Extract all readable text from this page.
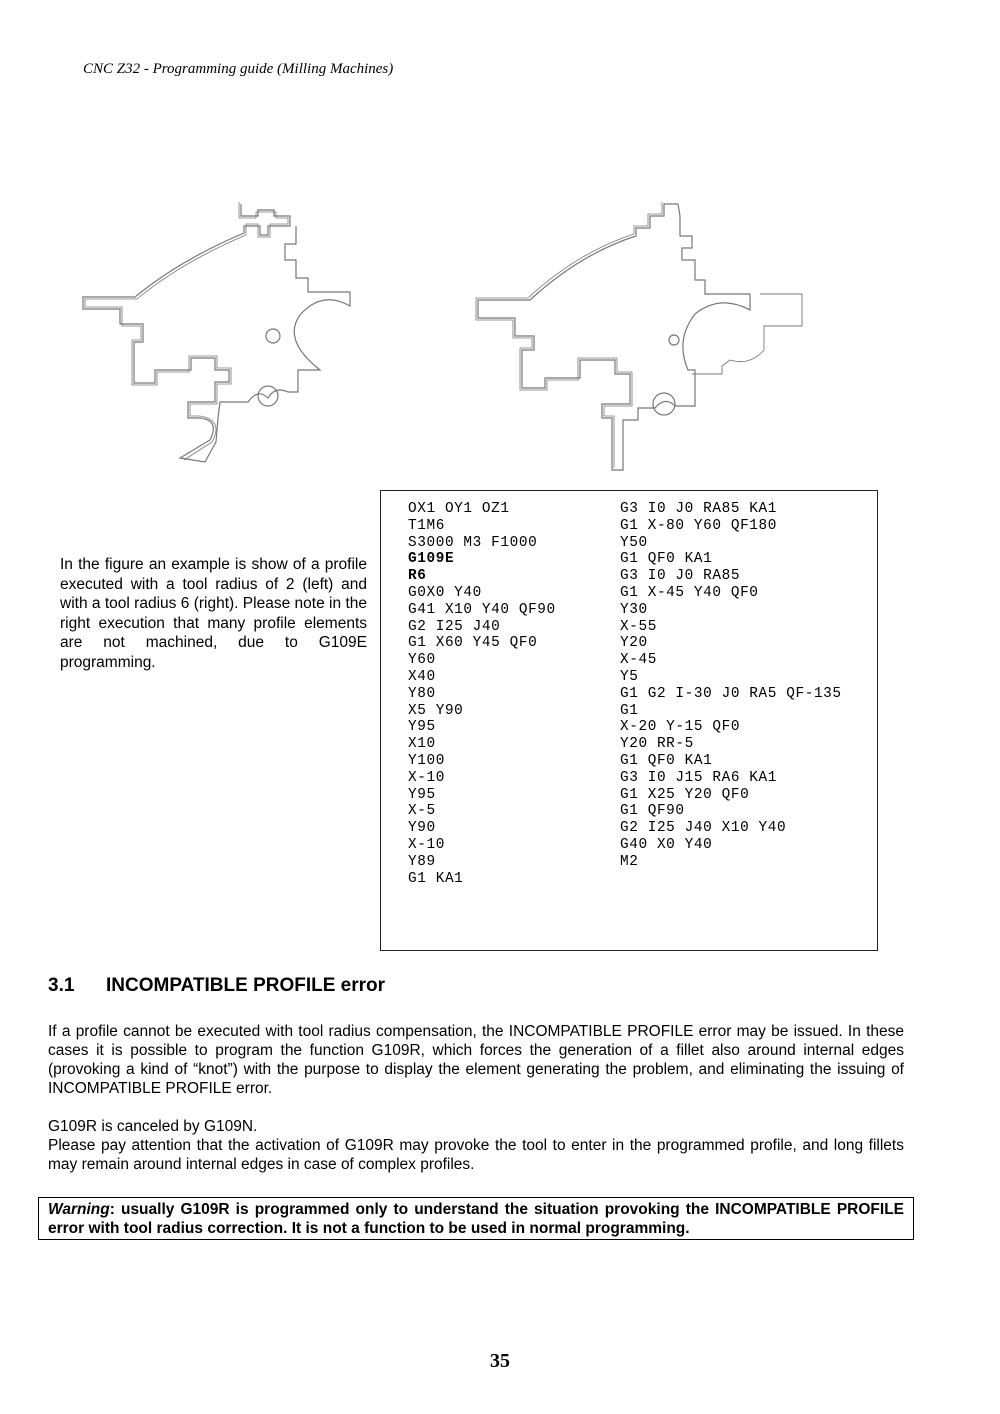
CNC Z32 - Programming guide (Milling Machines)
In the figure an example is show of a profile executed with a tool radius of 2 (left) and with a tool radius 6 (right). Please note in the right execution that many profile elements are not machined, due to G109E programming.
OX1 OY1 OZ1
T1M6
S3000 M3 F1000
G109E
R6
G0X0 Y40
G41 X10 Y40 QF90
G2 I25 J40
G1 X60 Y45 QF0
Y60
X40
Y80
X5 Y90
Y95
X10
Y100
X-10
Y95
X-5
Y90
X-10
Y89
G1 KA1
G3 I0 J0 RA85 KA1
G1 X-80 Y60 QF180
Y50
G1 QF0 KA1
G3 I0 J0 RA85
G1 X-45 Y40 QF0
Y30
X-55
Y20
X-45
Y5
G1 G2 I-30 J0 RA5 QF-135
G1
X-20 Y-15 QF0
Y20 RR-5
G1 QF0 KA1
G3 I0 J15 RA6 KA1
G1 X25 Y20 QF0
G1 QF90
G2 I25 J40 X10 Y40
G40 X0 Y40
M2
3.1 INCOMPATIBLE PROFILE error
If a profile cannot be executed with tool radius compensation, the INCOMPATIBLE PROFILE error may be issued. In these cases it is possible to program the function G109R, which forces the generation of a fillet also around internal edges (provoking a kind of “knot”) with the purpose to display the element generating the problem, and eliminating the issuing of INCOMPATIBLE PROFILE error.
G109R is canceled by G109N.
Please pay attention that the activation of G109R may provoke the tool to enter in the programmed profile, and long fillets may remain around internal edges in case of complex profiles.
Warning: usually G109R is programmed only to understand the situation provoking the INCOMPATIBLE PROFILE error with tool radius correction. It is not a function to be used in normal programming.
35
